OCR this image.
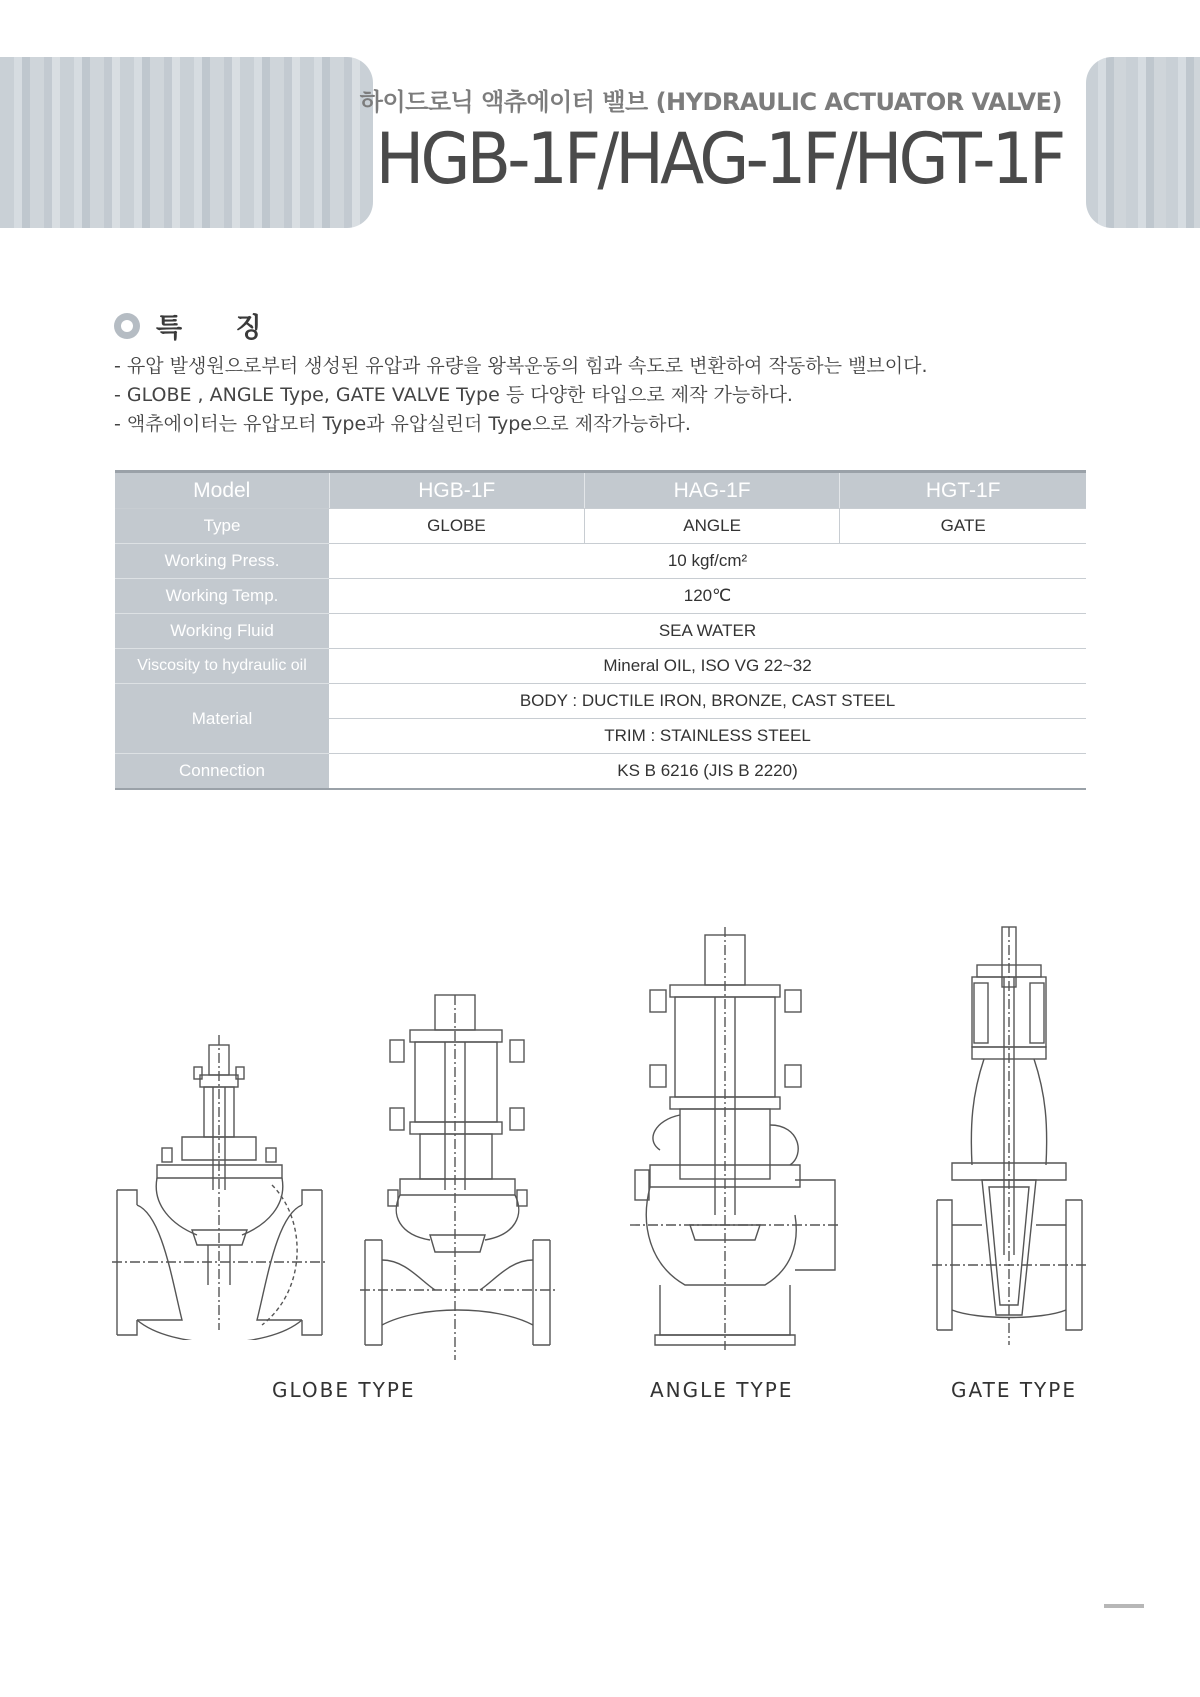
하이드로닉 액츄에이터 밸브 (HYDRAULIC ACTUATOR VALVE)
HGB-1F/HAG-1F/HGT-1F
특 징
- 유압 발생원으로부터 생성된 유압과 유량을 왕복운동의 힘과 속도로 변환하여 작동하는 밸브이다.
- GLOBE , ANGLE Type, GATE VALVE Type 등 다양한 타입으로 제작 가능하다.
- 액츄에이터는 유압모터 Type과 유압실린더 Type으로 제작가능하다.
Model	HGB-1F	HAG-1F	HGT-1F
Type	GLOBE	ANGLE	GATE
Working Press.	10 kgf/cm²		
Working Temp.	120℃		
Working Fluid	SEA WATER		
Viscosity to hydraulic oil	Mineral OIL, ISO VG 22~32		
Material	BODY : DUCTILE IRON, BRONZE, CAST STEEL		
	TRIM : STAINLESS STEEL		
Connection	KS B 6216 (JIS B 2220)		
GLOBE TYPE	ANGLE TYPE	GATE TYPE
